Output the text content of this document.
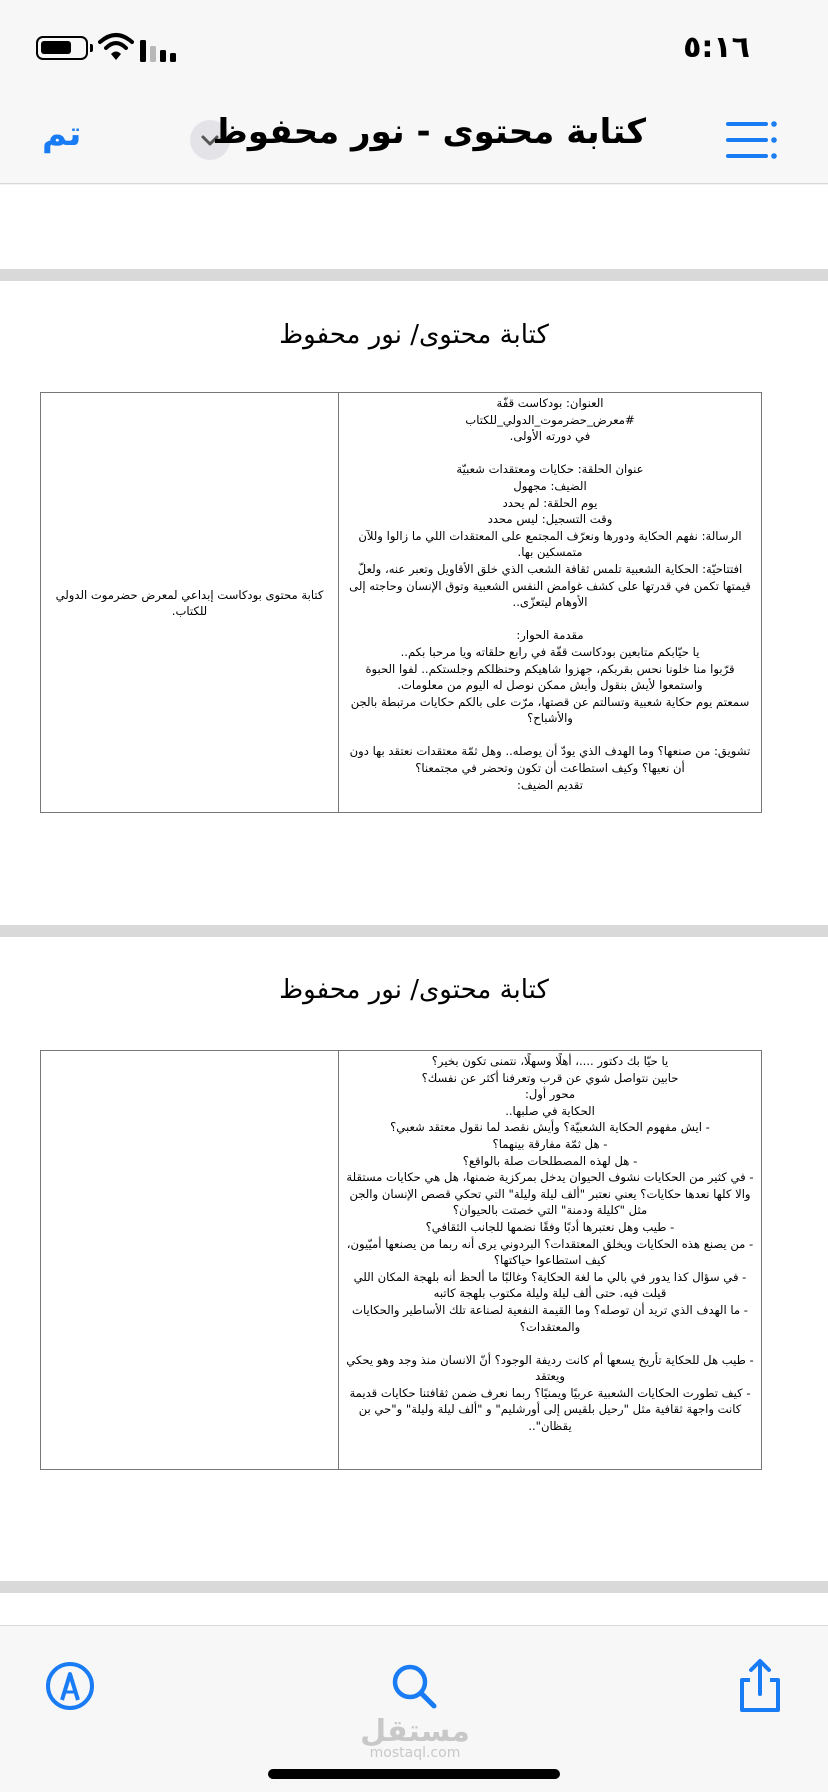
٥:١٦
تم	كتابة محتوى - نور محفوظ
كتابة محتوى/ نور محفوظ
كتابة محتوى بودكاست إبداعي لمعرض حضرموت الدولي للكتاب.

العنوان: بودكاست قفّة

#معرض_حضرموت_الدولي_للكتاب

في دورته الأولى.

عنوان الحلقة: حكايات ومعتقدات شعبيّة

الضيف: مجهول

يوم الحلقة: لم يحدد

وقت التسجيل: ليس محدد

الرسالة: نفهم الحكاية ودورها ونعرّف المجتمع على المعتقدات اللي ما زالوا وللآن متمسكين بها.

افتتاحيّة: الحكاية الشعبية تلمس ثقافة الشعب الذي خلق الأقاويل وتعبر عنه، ولعلّ قيمتها تكمن في قدرتها على كشف غوامض النفس الشعبية وتوق الإنسان وحاجته إلى الأوهام ليتعزّى..

مقدمة الحوار:

يا حيّابكم متابعين بودكاست قفّة في رابع حلقاته ويا مرحبا بكم..

قرّبوا منا خلونا نحس بقربكم، جهزوا شاهيكم وحنظلكم وجلستكم.. لفوا الحبوة واستمعوا لأيش بنقول وأيش ممكن نوصل له اليوم من معلومات.

سمعتم يوم حكاية شعبية وتسالتم عن قصتها، مرّت على بالكم حكايات مرتبطة بالجن والأشباح؟

تشويق: من صنعها؟ وما الهدف الذي يودّ أن يوصله.. وهل ثمّة معتقدات نعتقد بها دون أن نعيها؟ وكيف استطاعت أن تكون وتحضر في مجتمعنا؟

تقديم الضيف:

كتابة محتوى/ نور محفوظ

يا حيّا بك دكتور ....، أهلًا وسهلًا، نتمنى تكون بخير؟

حابين نتواصل شوي عن قرب وتعرفنا أكثر عن نفسك؟

محور أول:

الحكاية في صلبها..

- ايش مفهوم الحكاية الشعبيّة؟ وأيش نقصد لما نقول معتقد شعبي؟

- هل ثمّة مفارقة بينهما؟

- هل لهذه المصطلحات صلة بالواقع؟

- في كثير من الحكايات نشوف الحيوان يدخل بمركزية ضمنها، هل هي حكايات مستقلة والا كلها نعدها حكايات؟ يعني نعتبر "ألف ليلة وليلة" التي تحكي قصص الإنسان والجن مثل "كليلة ودمنة" التي خصتت بالحيوان؟

- طيب وهل نعتبرها أدبًا وفقًا نضمها للجانب الثقافي؟

- من يصنع هذه الحكايات ويخلق المعتقدات؟ البردوني يرى أنه ربما من يصنعها أميّيون، كيف استطاعوا حياكتها؟

- في سؤال كذا يدور في بالي ما لغة الحكاية؟ وغالبًا ما ألحظ أنه بلهجة المكان اللي قيلت فيه. حتى ألف ليلة وليلة مكتوب بلهجة كاتبه

- ما الهدف الذي تريد أن توصله؟ وما القيمة النفعية لصناعة تلك الأساطير والحكايات والمعتقدات؟

- طيب هل للحكاية تأريخ يسعها أم كانت رديفة الوجود؟ أنّ الانسان منذ وجد وهو يحكي ويعتقد

- كيف تطورت الحكايات الشعبية عربيًا ويمنيًا؟ ربما نعرف ضمن ثقافتنا حكايات قديمة كانت واجهة ثقافية مثل "رحيل بلقيس إلى أورشليم" و "ألف ليلة وليلة" و"حي بن يقظان"..

مستقل
mostaql.com
